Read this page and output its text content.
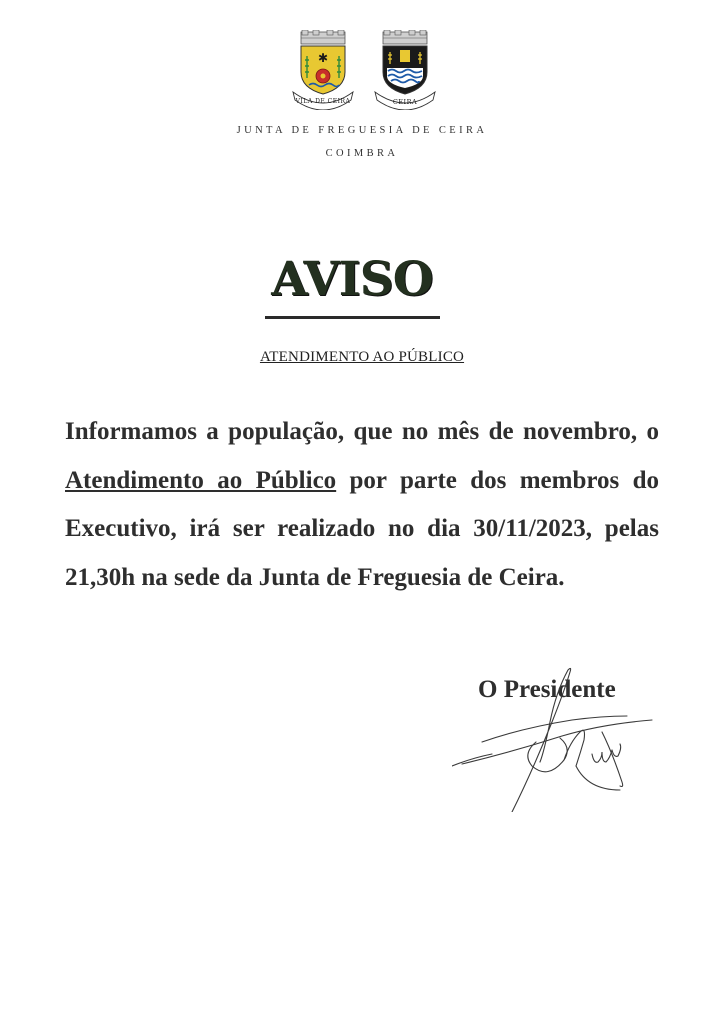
✱
VILA DE CEIRA	CEIRA
JUNTA DE FREGUESIA DE CEIRA
COIMBRA
AVISO
ATENDIMENTO AO PÚBLICO
Informamos a população, que no mês de novembro, o Atendimento ao Público por parte dos membros do Executivo, irá ser realizado no dia 30/11/2023, pelas 21,30h na sede da Junta de Freguesia de Ceira.
O Presidente
